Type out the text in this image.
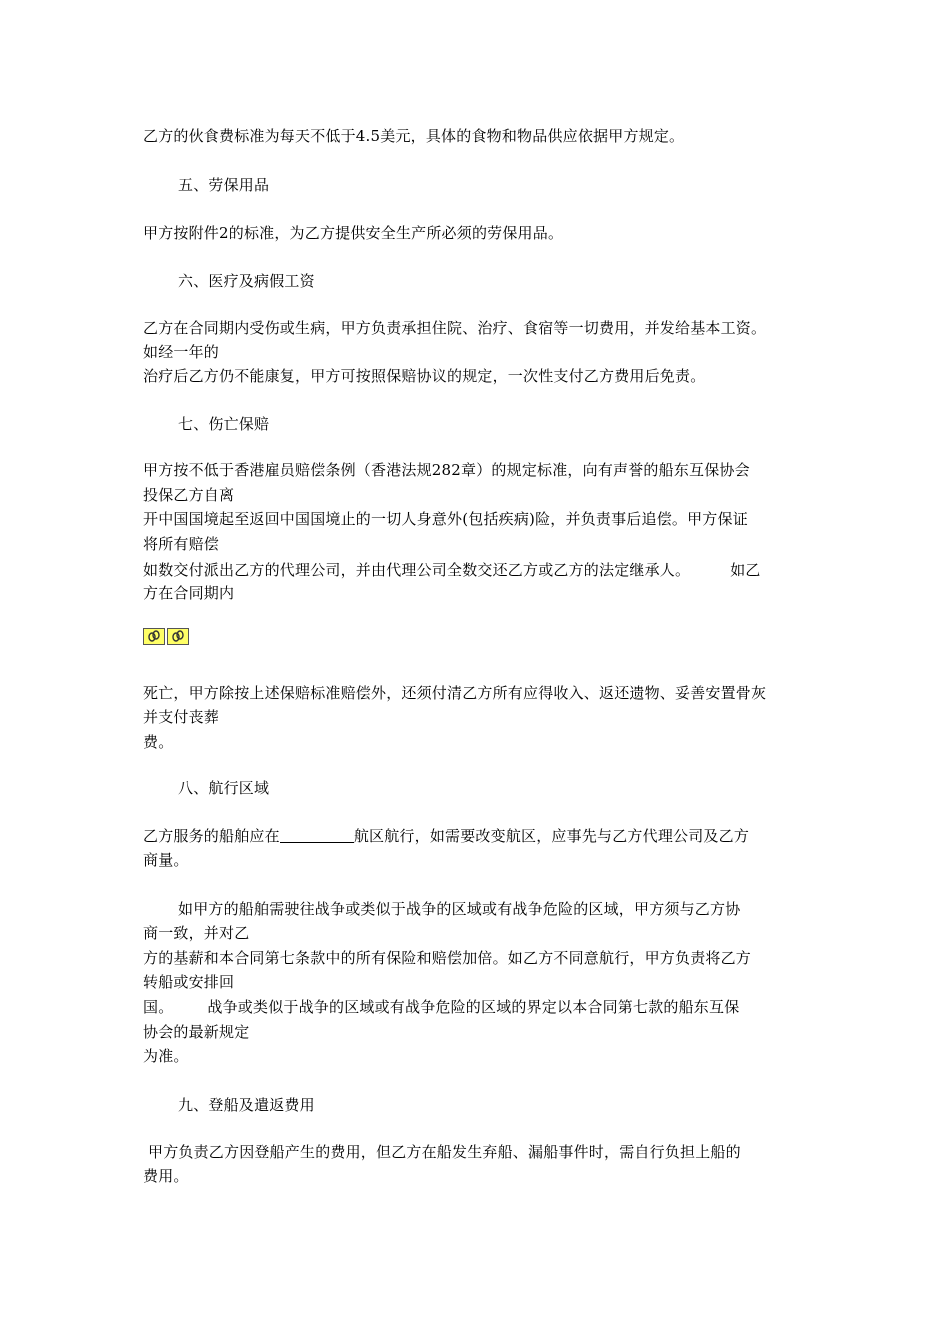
乙方的伙食费标准为每天不低于4.5美元，具体的食物和物品供应依据甲方规定。
五、劳保用品
甲方按附件2的标准，为乙方提供安全生产所必须的劳保用品。
六、医疗及病假工资
乙方在合同期内受伤或生病，甲方负责承担住院、治疗、食宿等一切费用，并发给基本工资。
如经一年的
治疗后乙方仍不能康复，甲方可按照保赔协议的规定，一次性支付乙方费用后免责。
七、伤亡保赔
甲方按不低于香港雇员赔偿条例（香港法规282章）的规定标准，向有声誉的船东互保协会
投保乙方自离
开中国国境起至返回中国国境止的一切人身意外(包括疾病)险，并负责事后追偿。甲方保证
将所有赔偿
如数交付派出乙方的代理公司，并由代理公司全数交还乙方或乙方的法定继承人。	如乙
方在合同期内
死亡，甲方除按上述保赔标准赔偿外，还须付清乙方所有应得收入、返还遗物、妥善安置骨灰
并支付丧葬
费。
八、航行区域
乙方服务的船舶应在	航区航行，如需要改变航区，应事先与乙方代理公司及乙方
商量。
如甲方的船舶需驶往战争或类似于战争的区域或有战争危险的区域，甲方须与乙方协
商一致，并对乙
方的基薪和本合同第七条款中的所有保险和赔偿加倍。如乙方不同意航行，甲方负责将乙方
转船或安排回
国。 战争或类似于战争的区域或有战争危险的区域的界定以本合同第七款的船东互保
协会的最新规定
为准。
九、登船及遣返费用
甲方负责乙方因登船产生的费用，但乙方在船发生弃船、漏船事件时，需自行负担上船的
费用。
